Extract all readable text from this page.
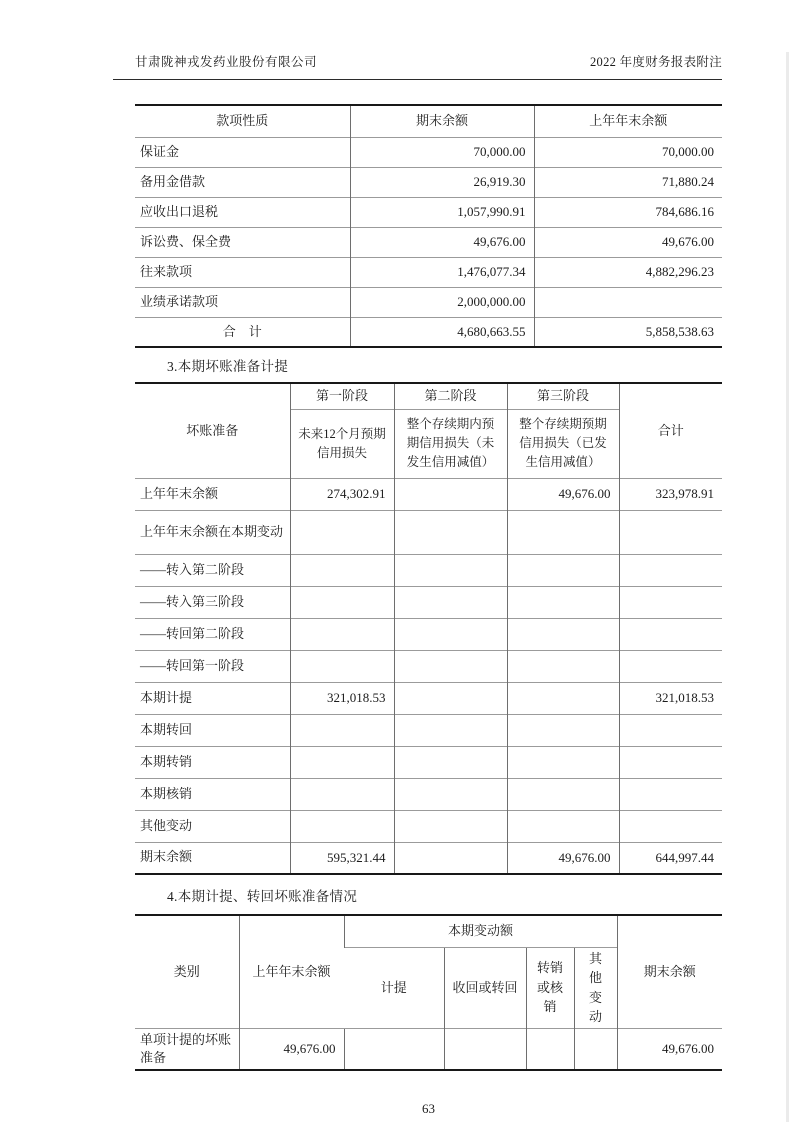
甘肃陇神戎发药业股份有限公司	2022 年度财务报表附注
款项性质	期末余额	上年年末余额
保证金	70,000.00	70,000.00
备用金借款	26,919.30	71,880.24
应收出口退税	1,057,990.91	784,686.16
诉讼费、保全费	49,676.00	49,676.00
往来款项	1,476,077.34	4,882,296.23
业绩承诺款项	2,000,000.00	
合　计	4,680,663.55	5,858,538.63
3.本期坏账准备计提
坏账准备	第一阶段	第二阶段	第三阶段	合计
	未来12个月预期信用损失	整个存续期内预期信用损失（未发生信用减值）	整个存续期预期信用损失（已发生信用减值）	
上年年末余额	274,302.91		49,676.00	323,978.91
上年年末余额在本期变动				
——转入第二阶段				
——转入第三阶段				
——转回第二阶段				
——转回第一阶段				
本期计提	321,018.53			321,018.53
本期转回				
本期转销				
本期核销				
其他变动				
期末余额	595,321.44		49,676.00	644,997.44
4.本期计提、转回坏账准备情况
类别	上年年末余额	本期变动额				期末余额
		计提	收回或转回	转销或核销	其他变动	

单项计提的坏账准备	49,676.00					49,676.00
63
